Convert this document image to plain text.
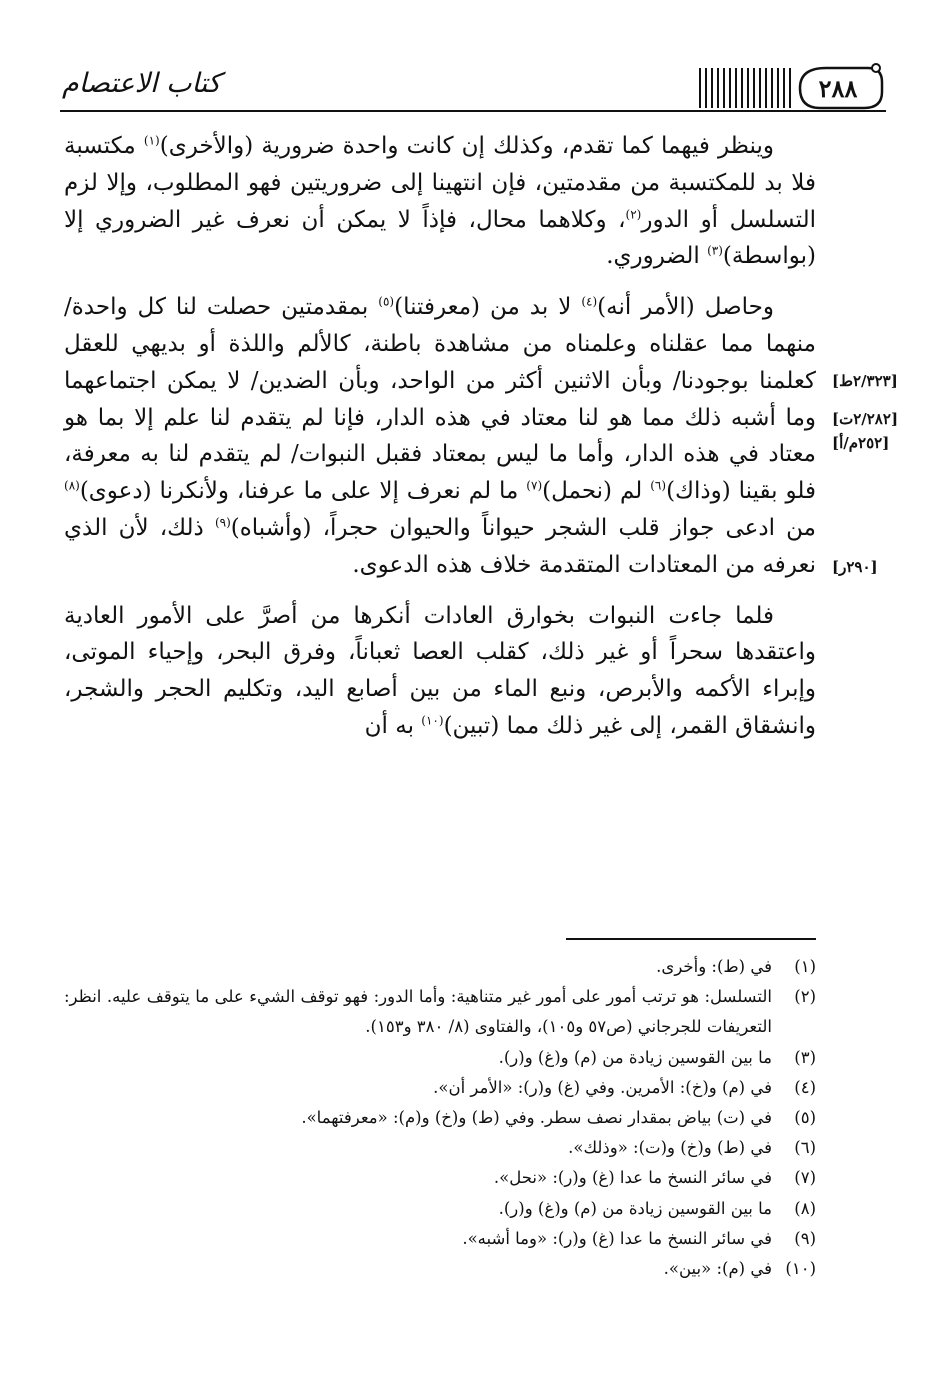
كتاب الاعتصام	٢٨٨

وينظر فيهما كما تقدم، وكذلك إن كانت واحدة ضرورية (والأخرى)$^{(١)}$ مكتسبة فلا بد للمكتسبة من مقدمتين، فإن انتهينا إلى ضروريتين فهو المطلوب، وإلا لزم التسلسل أو الدور$^{(٢)}$، وكلاهما محال، فإذاً لا يمكن أن نعرف غير الضروري إلا (بواسطة)$^{(٣)}$ الضروري.

وحاصل (الأمر أنه)$^{(٤)}$ لا بد من (معرفتنا)$^{(٥)}$ بمقدمتين حصلت لنا كل واحدة/ منهما مما عقلناه وعلمناه من مشاهدة باطنة، كالألم واللذة أو بديهي للعقل كعلمنا بوجودنا/ وبأن الاثنين أكثر من الواحد، وبأن الضدين/ لا يمكن اجتماعهما وما أشبه ذلك مما هو لنا معتاد في هذه الدار، فإنا لم يتقدم لنا علم إلا بما هو معتاد في هذه الدار، وأما ما ليس بمعتاد فقبل النبوات/ لم يتقدم لنا به معرفة، فلو بقينا (وذاك)$^{(٦)}$ لم (نحمل)$^{(٧)}$ ما لم نعرف إلا على ما عرفنا، ولأنكرنا (دعوى)$^{(٨)}$ من ادعى جواز قلب الشجر حيواناً والحيوان حجراً، (وأشباه)$^{(٩)}$ ذلك، لأن الذي نعرفه من المعتادات المتقدمة خلاف هذه الدعوى.

فلما جاءت النبوات بخوارق العادات أنكرها من أصرَّ على الأمور العادية واعتقدها سحراً أو غير ذلك، كقلب العصا ثعباناً، وفرق البحر، وإحياء الموتى، وإبراء الأكمه والأبرص، ونبع الماء من بين أصابع اليد، وتكليم الحجر والشجر، وانشقاق القمر، إلى غير ذلك مما (تبين)$^{(١٠)}$ به أن

[٢/٣٢٣ط]
[٢/٢٨٢ت]
[٢٥٢م/أ]
[٢٩٠ر]
(١)
في (ط): وأخرى.
(٢)
التسلسل: هو ترتب أمور على أمور غير متناهية: وأما الدور: فهو توقف الشيء على ما يتوقف عليه. انظر: التعريفات للجرجاني (ص٥٧ و١٠٥)، والفتاوى (٨/ ٣٨٠ و١٥٣).
(٣)
ما بين القوسين زيادة من (م) و(غ) و(ر).
(٤)
في (م) و(خ): الأمرين. وفي (غ) و(ر): «الأمر أن».
(٥)
في (ت) بياض بمقدار نصف سطر. وفي (ط) و(خ) و(م): «معرفتهما».
(٦)
في (ط) و(خ) و(ت): «وذلك».
(٧)
في سائر النسخ ما عدا (غ) و(ر): «نحل».
(٨)
ما بين القوسين زيادة من (م) و(غ) و(ر).
(٩)
في سائر النسخ ما عدا (غ) و(ر): «وما أشبه».
(١٠)
في (م): «بين».
